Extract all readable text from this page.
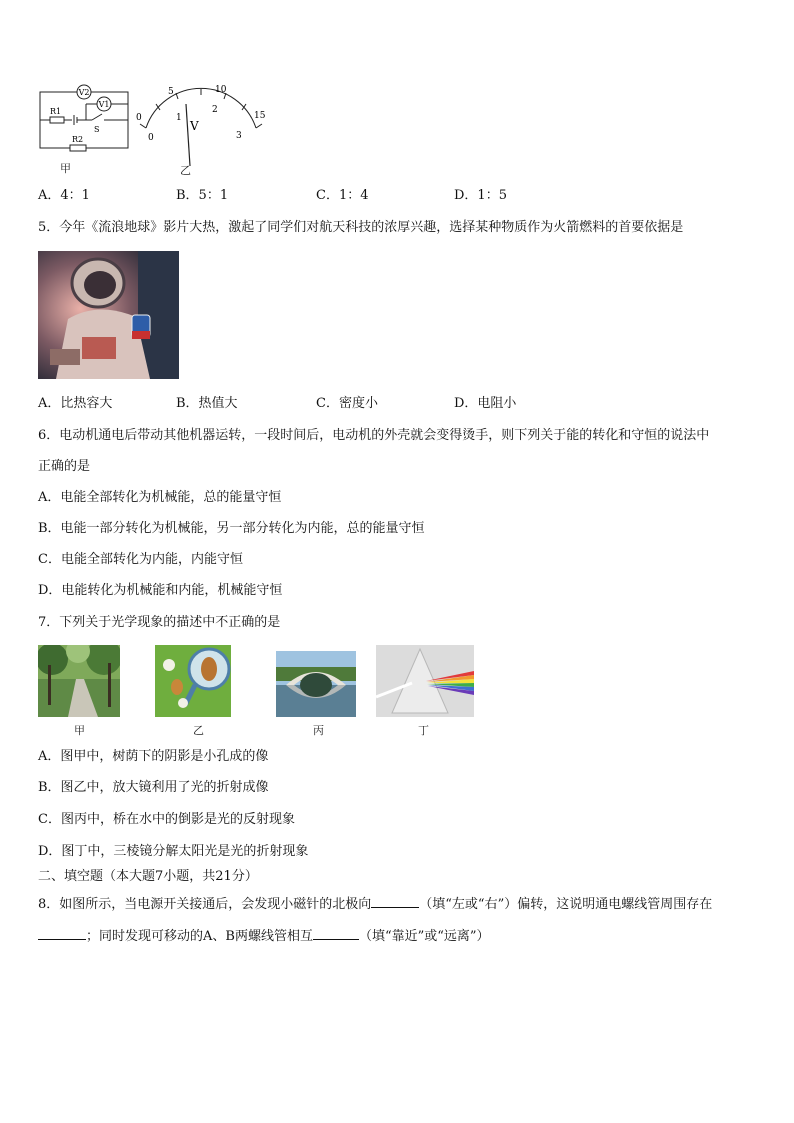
V2
V1
R1
S
R2
甲
0
5	10
15
0
1
2
3
V
乙
A．4：1	B．5：1	C．1：4	D．1：5
5．今年《流浪地球》影片大热，激起了同学们对航天科技的浓厚兴趣，选择某种物质作为火箭燃料的首要依据是
A．比热容大	B．热值大	C．密度小	D．电阻小
6．电动机通电后带动其他机器运转，一段时间后，电动机的外壳就会变得烫手，则下列关于能的转化和守恒的说法中
正确的是
A．电能全部转化为机械能，总的能量守恒
B．电能一部分转化为机械能，另一部分转化为内能，总的能量守恒
C．电能全部转化为内能，内能守恒
D．电能转化为机械能和内能，机械能守恒
7．下列关于光学现象的描述中不正确的是
甲	乙	丙	丁
A．图甲中，树荫下的阴影是小孔成的像
B．图乙中，放大镜利用了光的折射成像
C．图丙中，桥在水中的倒影是光的反射现象
D．图丁中，三棱镜分解太阳光是光的折射现象
二、填空题（本大题7小题，共21分）
8．如图所示，当电源开关接通后，会发现小磁针的北极向	（填“左或“右”）偏转，这说明通电螺线管周围存在
；同时发现可移动的A、B两螺线管相互	（填“靠近”或“远离”）
